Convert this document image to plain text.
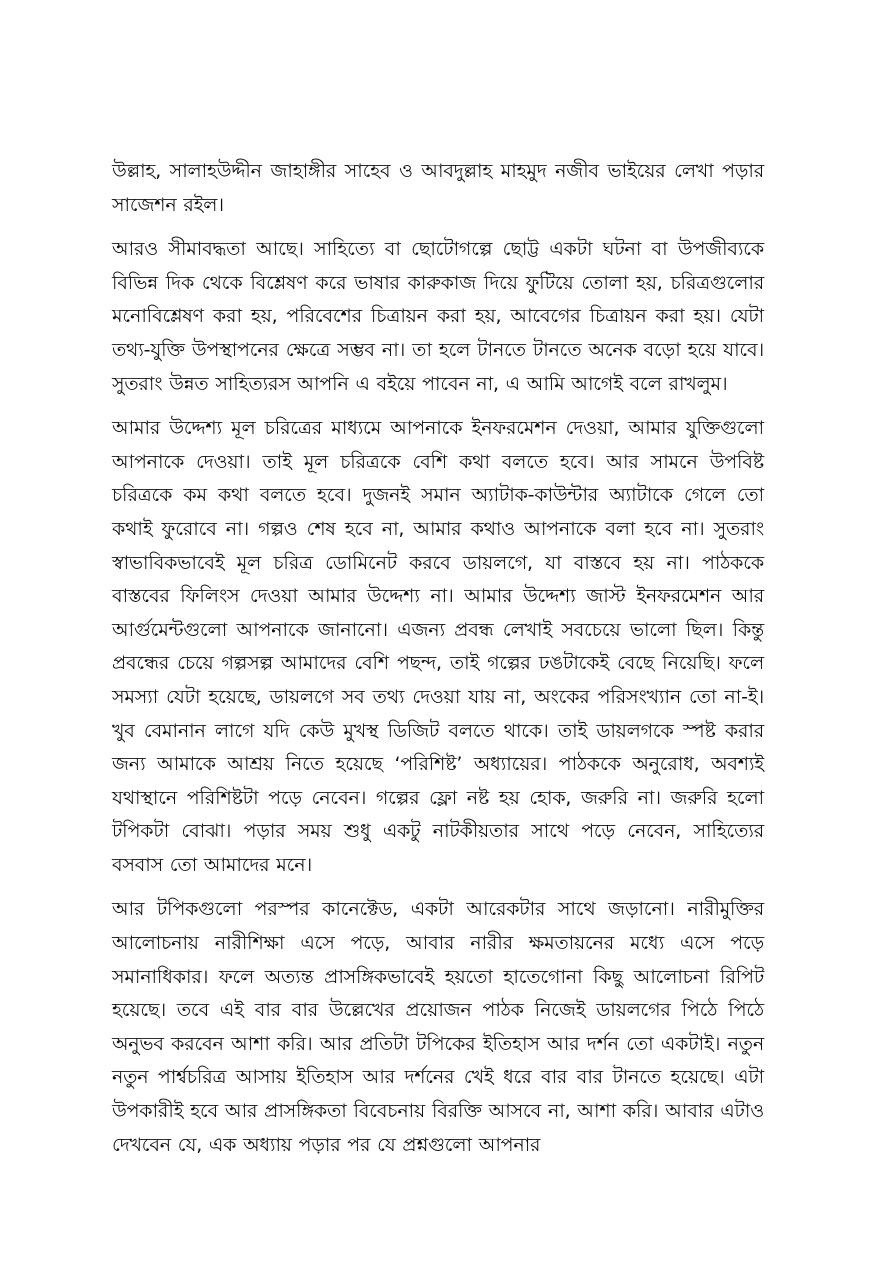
উল্লাহ, সালাহউদ্দীন জাহাঙ্গীর সাহেব ও আবদুল্লাহ মাহমুদ নজীব ভাইয়ের লেখা পড়ার সাজেশন রইল।

আরও সীমাবদ্ধতা আছে। সাহিত্যে বা ছোটোগল্পে ছোট্ট একটা ঘটনা বা উপজীব্যকে বিভিন্ন দিক থেকে বিশ্লেষণ করে ভাষার কারুকাজ দিয়ে ফুটিয়ে তোলা হয়, চরিত্রগুলোর মনোবিশ্লেষণ করা হয়, পরিবেশের চিত্রায়ন করা হয়, আবেগের চিত্রায়ন করা হয়। যেটা তথ্য-যুক্তি উপস্থাপনের ক্ষেত্রে সম্ভব না। তা হলে টানতে টানতে অনেক বড়ো হয়ে যাবে। সুতরাং উন্নত সাহিত্যরস আপনি এ বইয়ে পাবেন না, এ আমি আগেই বলে রাখলুম।

আমার উদ্দেশ্য মূল চরিত্রের মাধ্যমে আপনাকে ইনফরমেশন দেওয়া, আমার যুক্তিগুলো আপনাকে দেওয়া। তাই মূল চরিত্রকে বেশি কথা বলতে হবে। আর সামনে উপবিষ্ট চরিত্রকে কম কথা বলতে হবে। দুজনই সমান অ্যাটাক-কাউন্টার অ্যাটাকে গেলে তো কথাই ফুরোবে না। গল্পও শেষ হবে না, আমার কথাও আপনাকে বলা হবে না। সুতরাং স্বাভাবিকভাবেই মূল চরিত্র ডোমিনেট করবে ডায়লগে, যা বাস্তবে হয় না। পাঠককে বাস্তবের ফিলিংস দেওয়া আমার উদ্দেশ্য না। আমার উদ্দেশ্য জাস্ট ইনফরমেশন আর আর্গুমেন্টগুলো আপনাকে জানানো। এজন্য প্রবন্ধ লেখাই সবচেয়ে ভালো ছিল। কিন্তু প্রবন্ধের চেয়ে গল্পসল্প আমাদের বেশি পছন্দ, তাই গল্পের ঢঙটাকেই বেছে নিয়েছি। ফলে সমস্যা যেটা হয়েছে, ডায়লগে সব তথ্য দেওয়া যায় না, অংকের পরিসংখ্যান তো না-ই। খুব বেমানান লাগে যদি কেউ মুখস্থ ডিজিট বলতে থাকে। তাই ডায়লগকে স্পষ্ট করার জন্য আমাকে আশ্রয় নিতে হয়েছে ‘পরিশিষ্ট’ অধ্যায়ের। পাঠককে অনুরোধ, অবশ্যই যথাস্থানে পরিশিষ্টটা পড়ে নেবেন। গল্পের ফ্লো নষ্ট হয় হোক, জরুরি না। জরুরি হলো টপিকটা বোঝা। পড়ার সময় শুধু একটু নাটকীয়তার সাথে পড়ে নেবেন, সাহিত্যের বসবাস তো আমাদের মনে।

আর টপিকগুলো পরস্পর কানেক্টেড, একটা আরেকটার সাথে জড়ানো। নারীমুক্তির আলোচনায় নারীশিক্ষা এসে পড়ে, আবার নারীর ক্ষমতায়নের মধ্যে এসে পড়ে সমানাধিকার। ফলে অত্যন্ত প্রাসঙ্গিকভাবেই হয়তো হাতেগোনা কিছু আলোচনা রিপিট হয়েছে। তবে এই বার বার উল্লেখের প্রয়োজন পাঠক নিজেই ডায়লগের পিঠে পিঠে অনুভব করবেন আশা করি। আর প্রতিটা টপিকের ইতিহাস আর দর্শন তো একটাই। নতুন নতুন পার্শ্বচরিত্র আসায় ইতিহাস আর দর্শনের খেই ধরে বার বার টানতে হয়েছে। এটা উপকারীই হবে আর প্রাসঙ্গিকতা বিবেচনায় বিরক্তি আসবে না, আশা করি। আবার এটাও দেখবেন যে, এক অধ্যায় পড়ার পর যে প্রশ্নগুলো আপনার
